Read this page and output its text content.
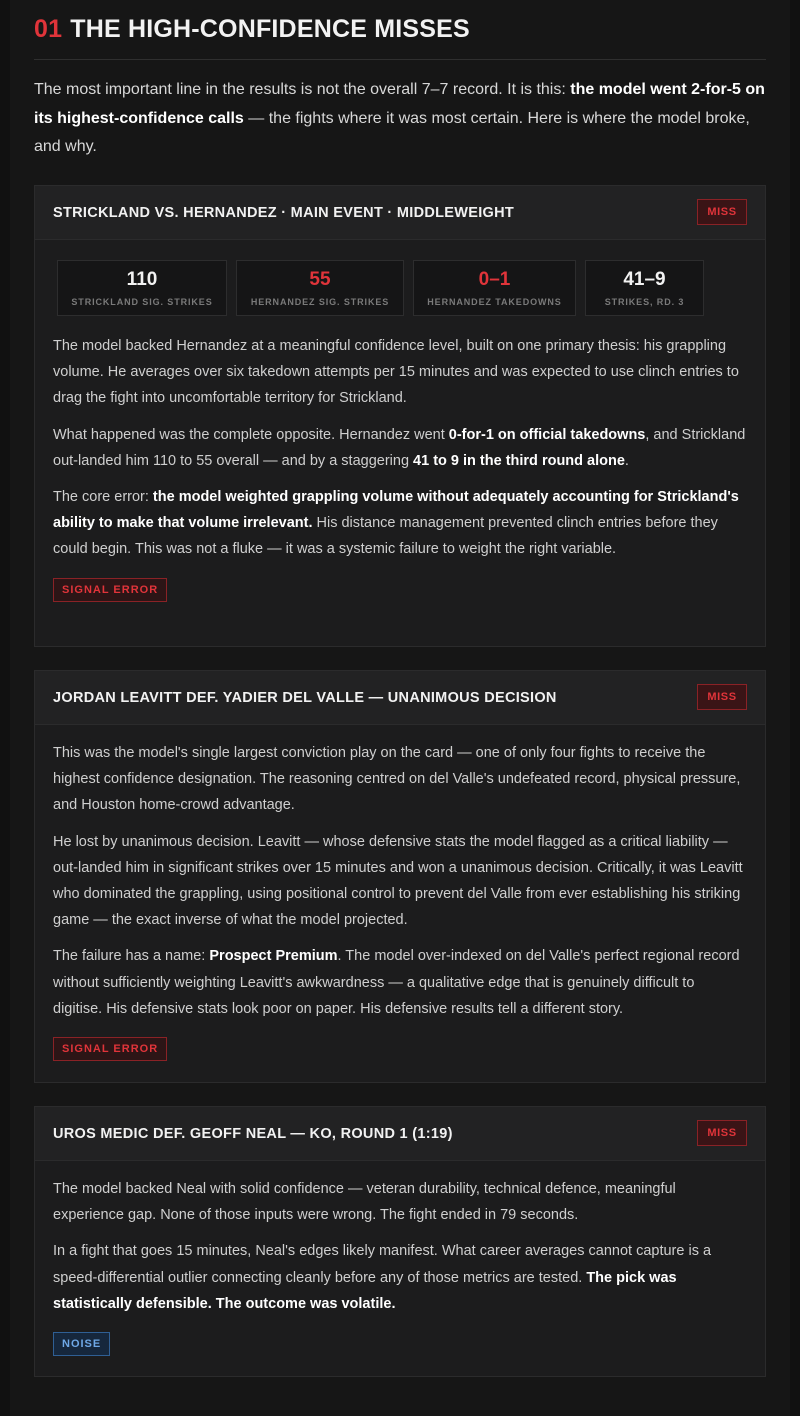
01 THE HIGH-CONFIDENCE MISSES

The most important line in the results is not the overall 7–7 record. It is this: the model went 2-for-5 on its highest-confidence calls — the fights where it was most certain. Here is where the model broke, and why.

STRICKLAND VS. HERNANDEZ · MAIN EVENT · MIDDLEWEIGHT	MISS
110
STRICKLAND SIG. STRIKES
55
HERNANDEZ SIG. STRIKES
0–1
HERNANDEZ TAKEDOWNS
41–9
STRIKES, RD. 3

The model backed Hernandez at a meaningful confidence level, built on one primary thesis: his grappling volume. He averages over six takedown attempts per 15 minutes and was expected to use clinch entries to drag the fight into uncomfortable territory for Strickland.

What happened was the complete opposite. Hernandez went 0-for-1 on official takedowns, and Strickland out-landed him 110 to 55 overall — and by a staggering 41 to 9 in the third round alone.

The core error: the model weighted grappling volume without adequately accounting for Strickland's ability to make that volume irrelevant. His distance management prevented clinch entries before they could begin. This was not a fluke — it was a systemic failure to weight the right variable.

SIGNAL ERROR
JORDAN LEAVITT DEF. YADIER DEL VALLE — UNANIMOUS DECISION	MISS

This was the model's single largest conviction play on the card — one of only four fights to receive the highest confidence designation. The reasoning centred on del Valle's undefeated record, physical pressure, and Houston home-crowd advantage.

He lost by unanimous decision. Leavitt — whose defensive stats the model flagged as a critical liability — out-landed him in significant strikes over 15 minutes and won a unanimous decision. Critically, it was Leavitt who dominated the grappling, using positional control to prevent del Valle from ever establishing his striking game — the exact inverse of what the model projected.

The failure has a name: Prospect Premium. The model over-indexed on del Valle's perfect regional record without sufficiently weighting Leavitt's awkwardness — a qualitative edge that is genuinely difficult to digitise. His defensive stats look poor on paper. His defensive results tell a different story.

SIGNAL ERROR
UROS MEDIC DEF. GEOFF NEAL — KO, ROUND 1 (1:19)	MISS

The model backed Neal with solid confidence — veteran durability, technical defence, meaningful experience gap. None of those inputs were wrong. The fight ended in 79 seconds.

In a fight that goes 15 minutes, Neal's edges likely manifest. What career averages cannot capture is a speed-differential outlier connecting cleanly before any of those metrics are tested. The pick was statistically defensible. The outcome was volatile.

NOISE
